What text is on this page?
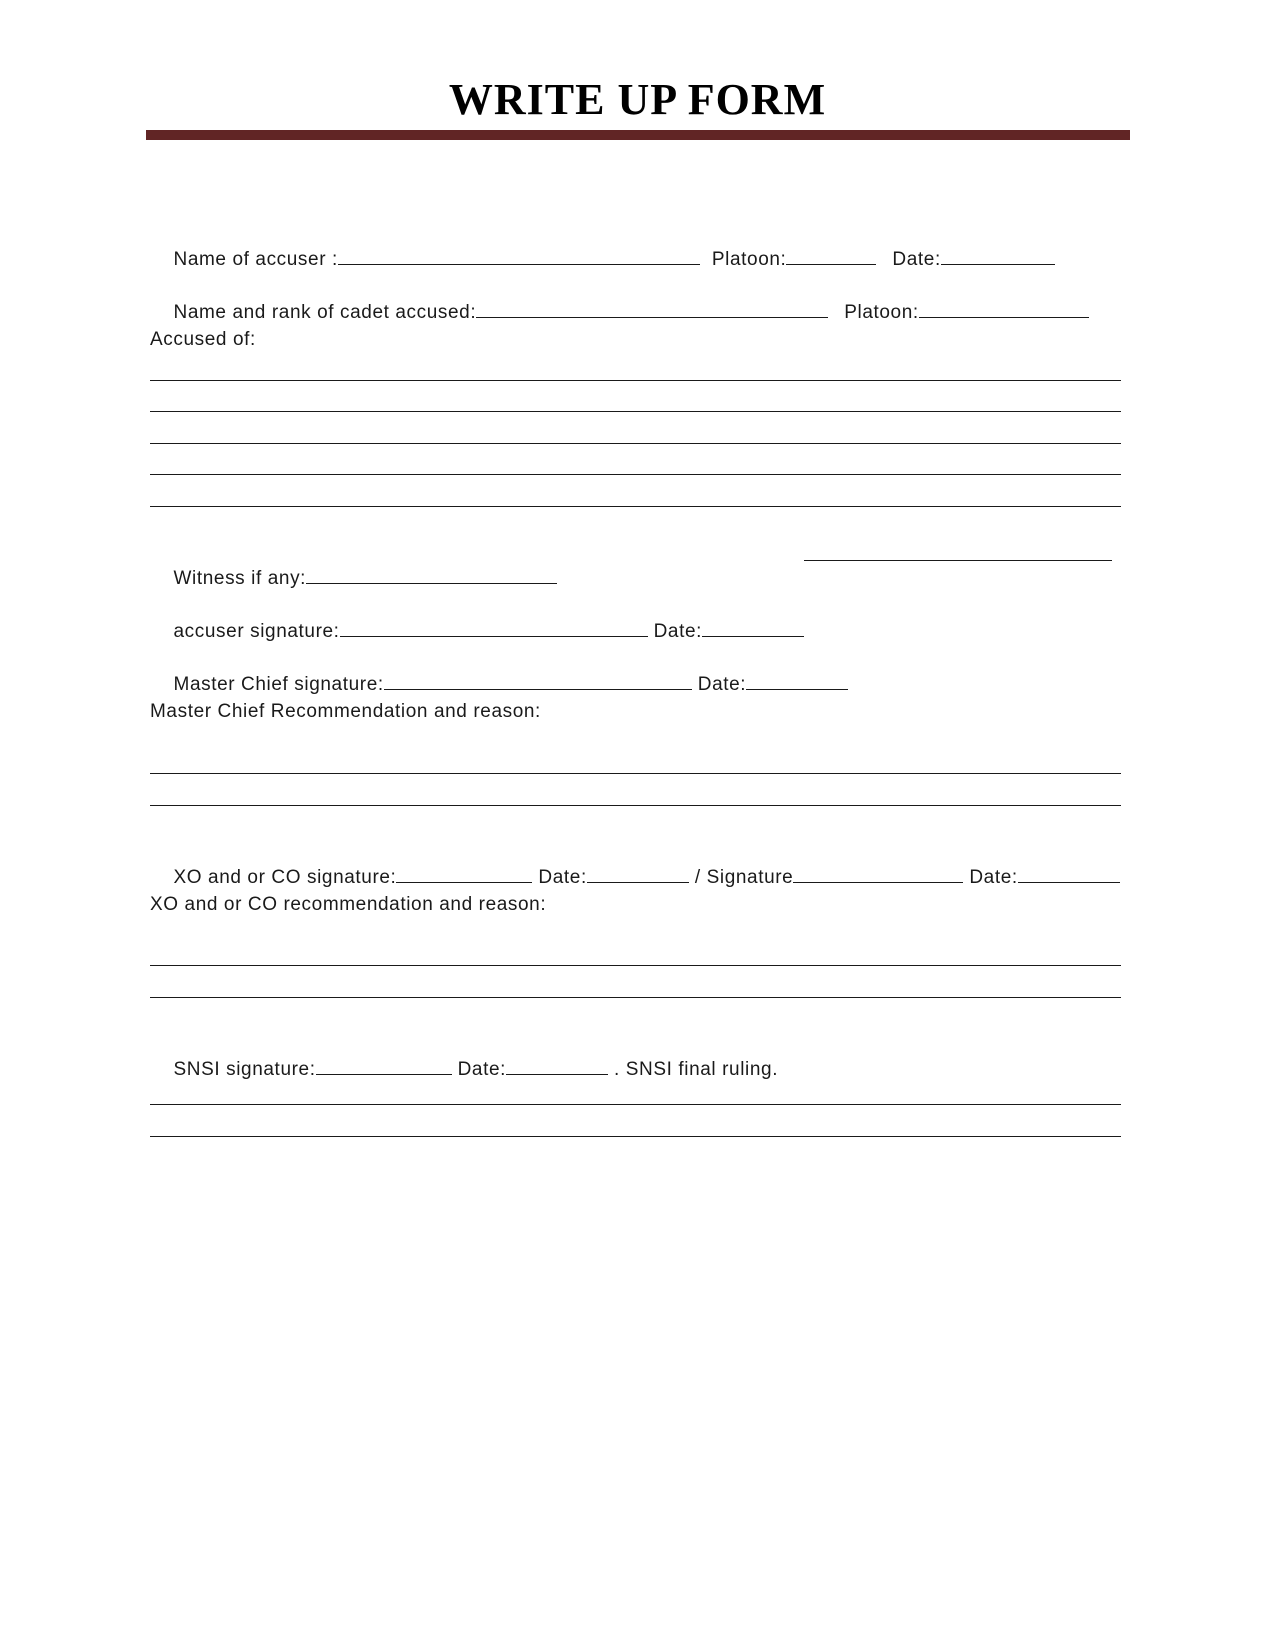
WRITE UP FORM

Name of accuser :	Platoon:	Date:

Name and rank of cadet accused:	Platoon:

Accused of:

Witness if any:

accuser signature:	Date:

Master Chief signature:	Date:

Master Chief Recommendation and reason:

XO and or CO signature:	Date:	/ Signature	Date:

XO and or CO recommendation and reason:

SNSI signature:	Date:	. SNSI final ruling.
